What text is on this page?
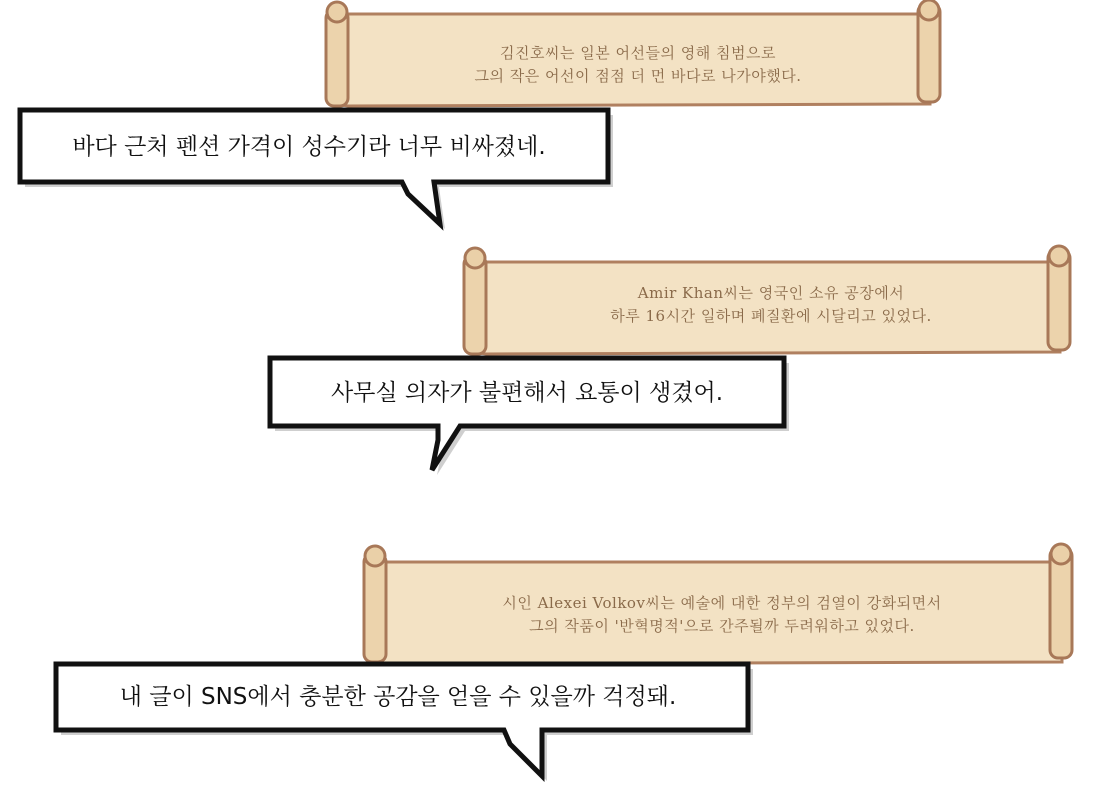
김진호씨는 일본 어선들의 영해 침범으로
그의 작은 어선이 점점 더 먼 바다로 나가야했다.
바다 근처 펜션 가격이 성수기라 너무 비싸졌네.
Amir Khan씨는 영국인 소유 공장에서
하루 16시간 일하며 폐질환에 시달리고 있었다.
사무실 의자가 불편해서 요통이 생겼어.
시인 Alexei Volkov씨는 예술에 대한 정부의 검열이 강화되면서
그의 작품이 '반혁명적'으로 간주될까 두려워하고 있었다.
내 글이 SNS에서 충분한 공감을 얻을 수 있을까 걱정돼.
